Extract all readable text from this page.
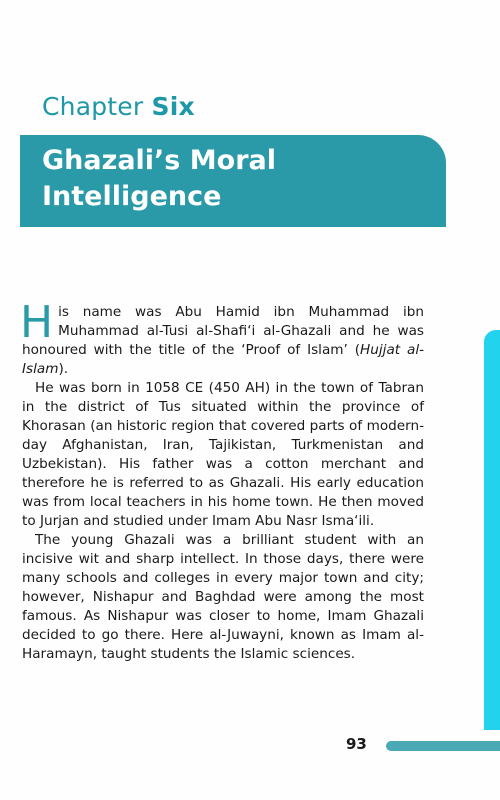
Chapter Six
Ghazali’s Moral
Intelligence

His name was Abu Hamid ibn Muhammad ibn Muhammad al-Tusi al-Shafi‘i al-Ghazali and he was honoured with the title of the ‘Proof of Islam’ (Hujjat al-Islam).

He was born in 1058 CE (450 AH) in the town of Tabran in the district of Tus situated within the province of Khorasan (an historic region that covered parts of modern-day Afghanistan, Iran, Tajikistan, Turkmenistan and Uzbekistan). His father was a cotton merchant and therefore he is referred to as Ghazali. His early education was from local teachers in his home town. He then moved to Jurjan and studied under Imam Abu Nasr Isma‘ili.

The young Ghazali was a brilliant student with an incisive wit and sharp intellect. In those days, there were many schools and colleges in every major town and city; however, Nishapur and Baghdad were among the most famous. As Nishapur was closer to home, Imam Ghazali decided to go there. Here al-Juwayni, known as Imam al-Haramayn, taught students the Islamic sciences.

93
